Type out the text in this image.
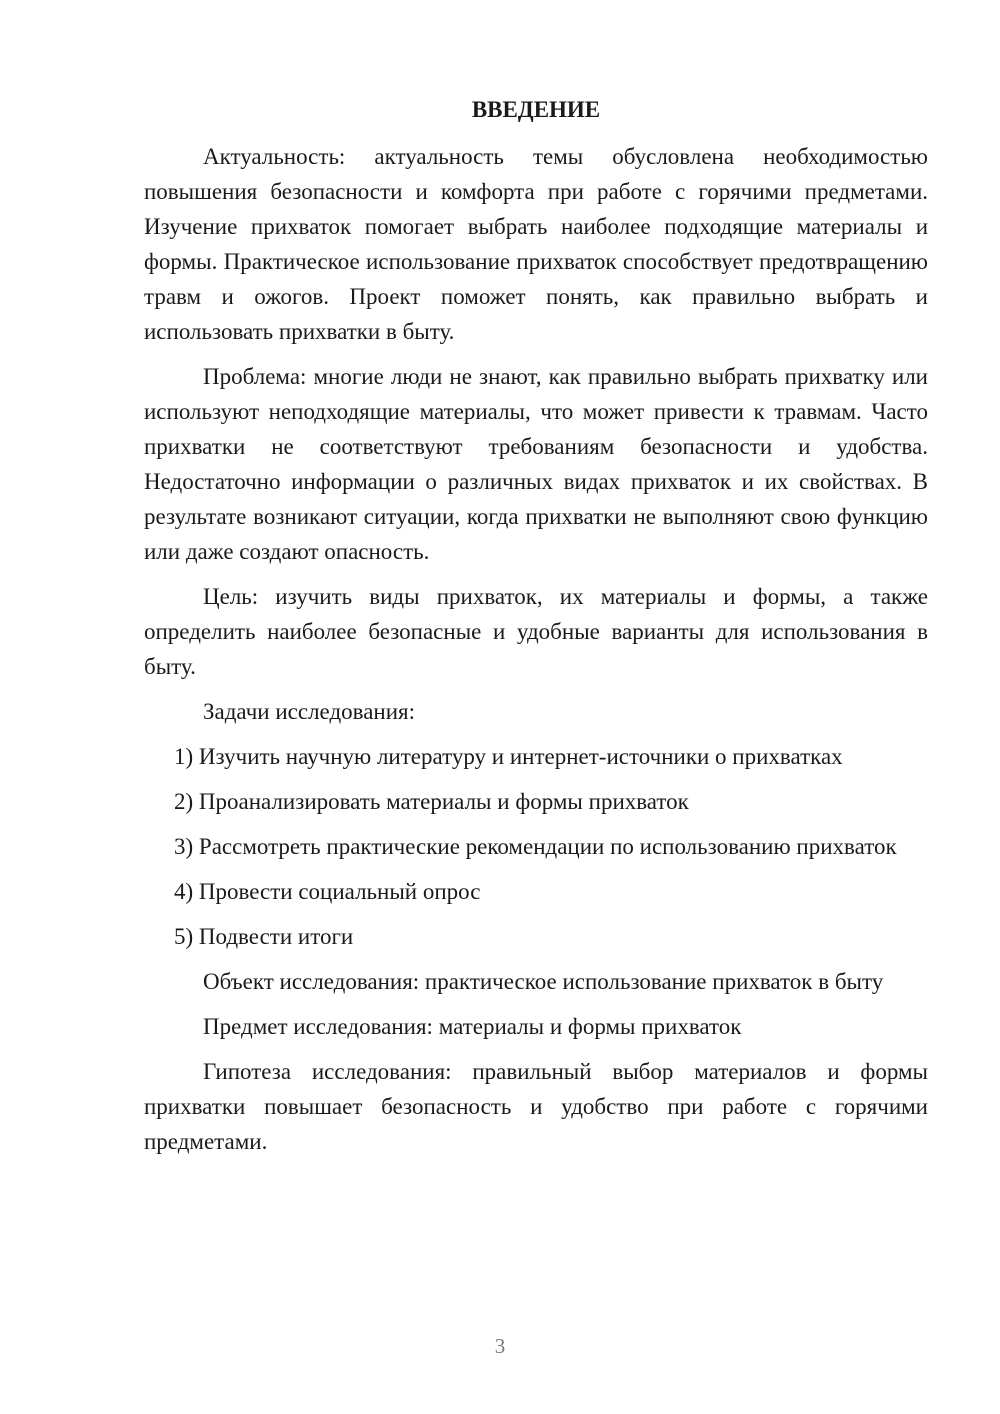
ВВЕДЕНИЕ

Актуальность: актуальность темы обусловлена необходимостью повышения безопасности и комфорта при работе с горячими предметами. Изучение прихваток помогает выбрать наиболее подходящие материалы и формы. Практическое использование прихваток способствует предотвращению травм и ожогов. Проект поможет понять, как правильно выбрать и использовать прихватки в быту.

Проблема: многие люди не знают, как правильно выбрать прихватку или используют неподходящие материалы, что может привести к травмам. Часто прихватки не соответствуют требованиям безопасности и удобства. Недостаточно информации о различных видах прихваток и их свойствах. В результате возникают ситуации, когда прихватки не выполняют свою функцию или даже создают опасность.

Цель: изучить виды прихваток, их материалы и формы, а также определить наиболее безопасные и удобные варианты для использования в быту.

Задачи исследования:

1) Изучить научную литературу и интернет-источники о прихватках

2) Проанализировать материалы и формы прихваток

3) Рассмотреть практические рекомендации по использованию прихваток

4) Провести социальный опрос

5) Подвести итоги

Объект исследования: практическое использование прихваток в быту

Предмет исследования: материалы и формы прихваток

Гипотеза исследования: правильный выбор материалов и формы прихватки повышает безопасность и удобство при работе с горячими предметами.

3
